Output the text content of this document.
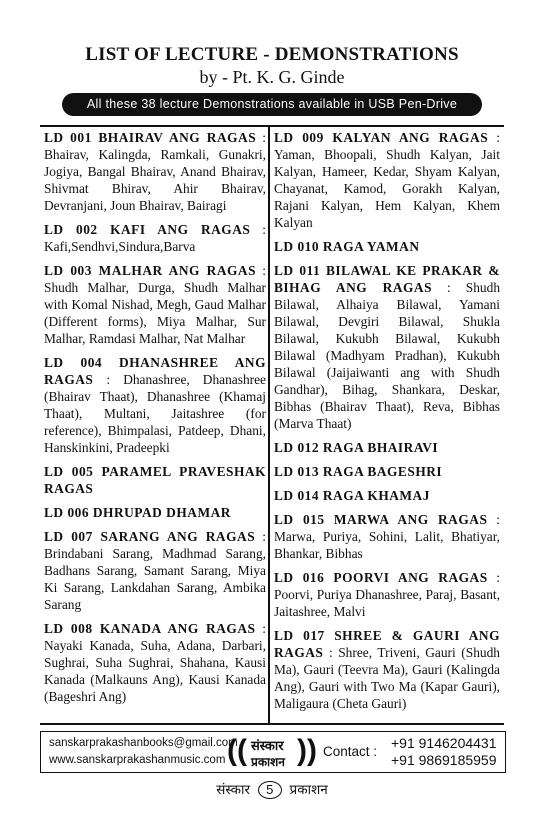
LIST OF LECTURE - DEMONSTRATIONS
by - Pt. K. G. Ginde
All these 38 lecture Demonstrations available in USB Pen-Drive

LD 001 BHAIRAV ANG RAGAS : Bhairav, Kalingda, Ramkali, Gunakri, Jogiya, Bangal Bhairav, Anand Bhairav, Shivmat Bhirav, Ahir Bhairav, Devranjani, Joun Bhairav, Bairagi

LD 002 KAFI ANG RAGAS : Kafi,Sendhvi,Sindura,Barva

LD 003 MALHAR ANG RAGAS : Shudh Malhar, Durga, Shudh Malhar with Komal Nishad, Megh, Gaud Malhar (Different forms), Miya Malhar, Sur Malhar, Ramdasi Malhar, Nat Malhar

LD 004 DHANASHREE ANG RAGAS : Dhanashree, Dhanashree (Bhairav Thaat), Dhanashree (Khamaj Thaat), Multani, Jaitashree (for reference), Bhimpalasi, Patdeep, Dhani, Hanskinkini, Pradeepki

LD 005 PARAMEL PRAVESHAK RAGAS

LD 006 DHRUPAD DHAMAR

LD 007 SARANG ANG RAGAS : Brindabani Sarang, Madhmad Sarang, Badhans Sarang, Samant Sarang, Miya Ki Sarang, Lankdahan Sarang, Ambika Sarang

LD 008 KANADA ANG RAGAS : Nayaki Kanada, Suha, Adana, Darbari, Sughrai, Suha Sughrai, Shahana, Kausi Kanada (Malkauns Ang), Kausi Kanada (Bageshri Ang)

LD 009 KALYAN ANG RAGAS : Yaman, Bhoopali, Shudh Kalyan, Jait Kalyan, Hameer, Kedar, Shyam Kalyan, Chayanat, Kamod, Gorakh Kalyan, Rajani Kalyan, Hem Kalyan, Khem Kalyan

LD 010 RAGA YAMAN

LD 011 BILAWAL KE PRAKAR & BIHAG ANG RAGAS : Shudh Bilawal, Alhaiya Bilawal, Yamani Bilawal, Devgiri Bilawal, Shukla Bilawal, Kukubh Bilawal, Kukubh Bilawal (Madhyam Pradhan), Kukubh Bilawal (Jaijaiwanti ang with Shudh Gandhar), Bihag, Shankara, Deskar, Bibhas (Bhairav Thaat), Reva, Bibhas (Marva Thaat)

LD 012 RAGA BHAIRAVI

LD 013 RAGA BAGESHRI

LD 014 RAGA KHAMAJ

LD 015 MARWA ANG RAGAS : Marwa, Puriya, Sohini, Lalit, Bhatiyar, Bhankar, Bibhas

LD 016 POORVI ANG RAGAS : Poorvi, Puriya Dhanashree, Paraj, Basant, Jaitashree, Malvi

LD 017 SHREE & GAURI ANG RAGAS : Shree, Triveni, Gauri (Shudh Ma), Gauri (Teevra Ma), Gauri (Kalingda Ang), Gauri with Two Ma (Kapar Gauri), Maligaura (Cheta Gauri)

sanskarprakashanbooks@gmail.com
www.sanskarprakashanmusic.com (( संस्कार
प्रकाशन )) Contact :
+91 9146204431
+91 9869185959
संस्कार 5 प्रकाशन
